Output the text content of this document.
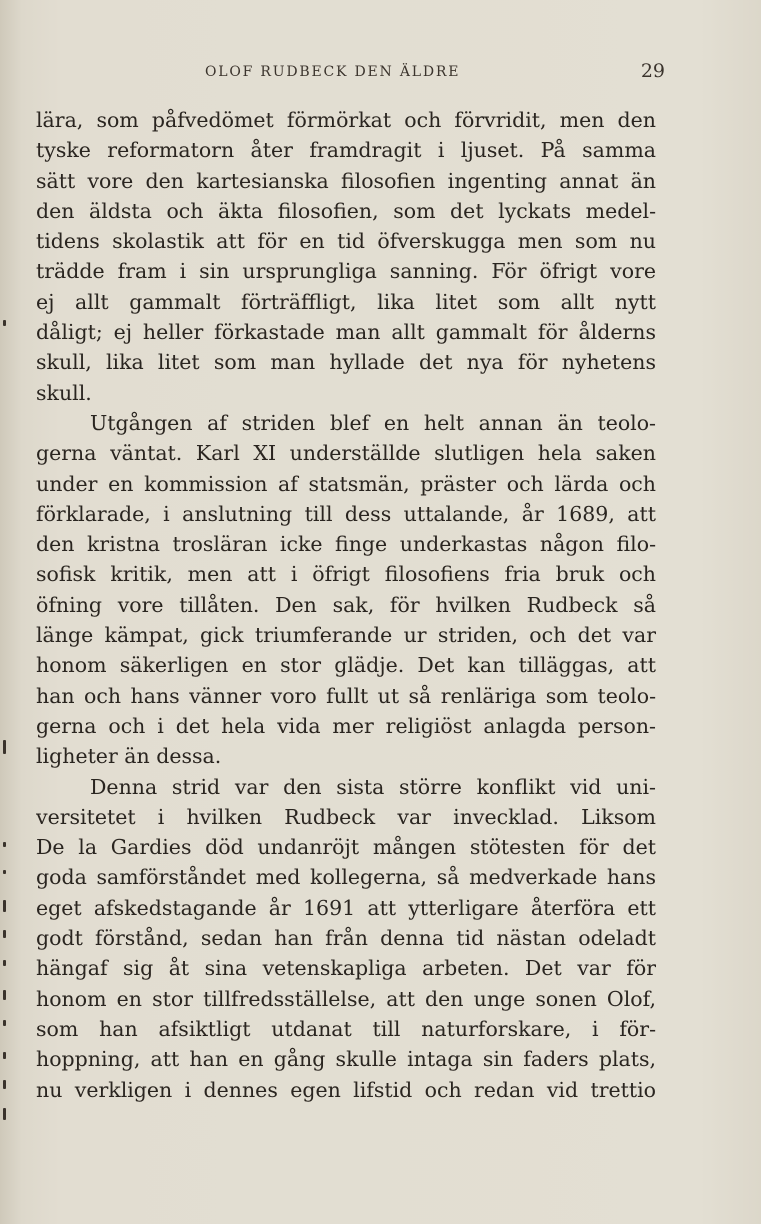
OLOF RUDBECK DEN ÄLDRE	29
lära, som påfvedömet förmörkat och förvridit, men den
tyske reformatorn åter framdragit i ljuset. På samma
sätt vore den kartesianska filosofien ingenting annat än
den äldsta och äkta filosofien, som det lyckats medel-
tidens skolastik att för en tid öfverskugga men som nu
trädde fram i sin ursprungliga sanning. För öfrigt vore
ej allt gammalt förträffligt, lika litet som allt nytt
dåligt; ej heller förkastade man allt gammalt för ålderns
skull, lika litet som man hyllade det nya för nyhetens
skull.
Utgången af striden blef en helt annan än teolo-
gerna väntat. Karl XI underställde slutligen hela saken
under en kommission af statsmän, präster och lärda och
förklarade, i anslutning till dess uttalande, år 1689, att
den kristna trosläran icke finge underkastas någon filo-
sofisk kritik, men att i öfrigt filosofiens fria bruk och
öfning vore tillåten. Den sak, för hvilken Rudbeck så
länge kämpat, gick triumferande ur striden, och det var
honom säkerligen en stor glädje. Det kan tilläggas, att
han och hans vänner voro fullt ut så renläriga som teolo-
gerna och i det hela vida mer religiöst anlagda person-
ligheter än dessa.
Denna strid var den sista större konflikt vid uni-
versitetet i hvilken Rudbeck var invecklad. Liksom
De la Gardies död undanröjt mången stötesten för det
goda samförståndet med kollegerna, så medverkade hans
eget afskedstagande år 1691 att ytterligare återföra ett
godt förstånd, sedan han från denna tid nästan odeladt
hängaf sig åt sina vetenskapliga arbeten. Det var för
honom en stor tillfredsställelse, att den unge sonen Olof,
som han afsiktligt utdanat till naturforskare, i för-
hoppning, att han en gång skulle intaga sin faders plats,
nu verkligen i dennes egen lifstid och redan vid trettio
